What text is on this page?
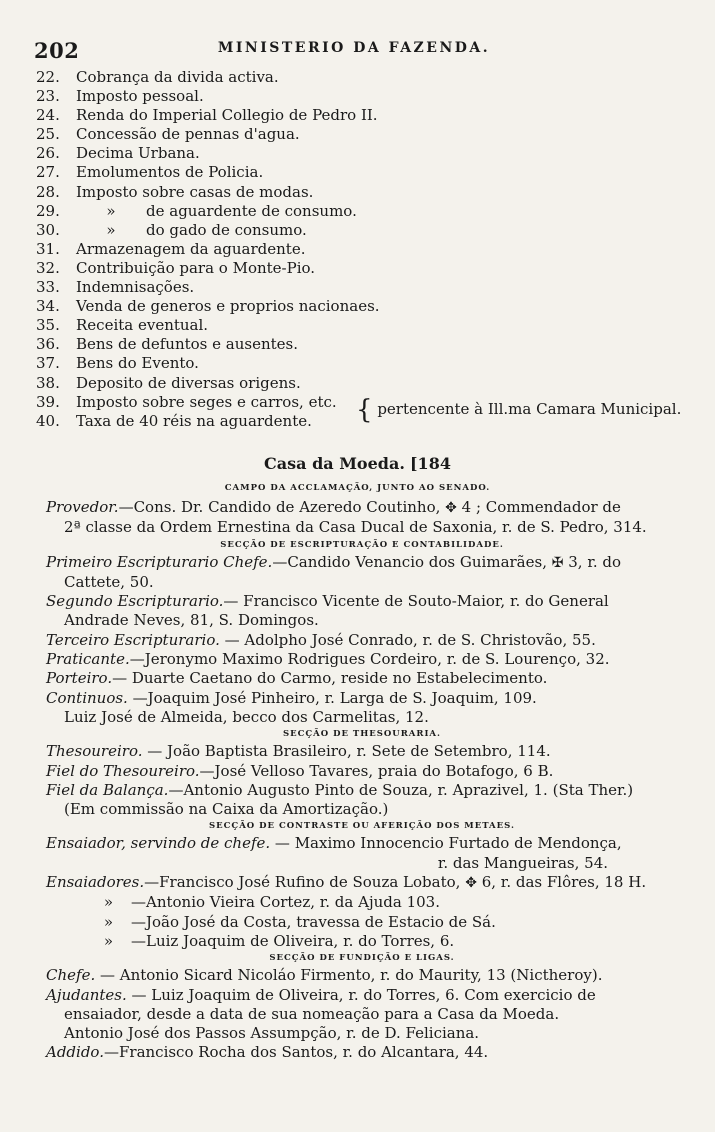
202	MINISTERIO DA FAZENDA.
22. Cobrança da divida activa.
23. Imposto pessoal.
24. Renda do Imperial Collegio de Pedro II.
25. Concessão de pennas d'agua.
26. Decima Urbana.
27. Emolumentos de Policia.
28. Imposto sobre casas de modas.
29.	» de aguardente de consumo.
30.	» do gado de consumo.
31. Armazenagem da aguardente.
32. Contribuição para o Monte-Pio.
33. Indemnisações.
34. Venda de generos e proprios nacionaes.
35. Receita eventual.
36. Bens de defuntos e ausentes.
37. Bens do Evento.
38. Deposito de diversas origens.
39. Imposto sobre seges e carros, etc.
40. Taxa de 40 réis na aguardente.	{ pertencente à Ill.ma Camara Municipal.
Casa da Moeda. [184
CAMPO DA ACCLAMAÇÃO, JUNTO AO SENADO.
Provedor.—Cons. Dr. Candido de Azeredo Coutinho, ✥ 4 ; Commendador de
2ª classe da Ordem Ernestina da Casa Ducal de Saxonia, r. de S. Pedro, 314.
SECÇÃO DE ESCRIPTURAÇÃO E CONTABILIDADE.
Primeiro Escripturario Chefe.—Candido Venancio dos Guimarães, ✠ 3, r. do
Cattete, 50.
Segundo Escripturario.— Francisco Vicente de Souto-Maior, r. do General
Andrade Neves, 81, S. Domingos.
Terceiro Escripturario. — Adolpho José Conrado, r. de S. Christovão, 55.
Praticante.—Jeronymo Maximo Rodrigues Cordeiro, r. de S. Lourenço, 32.
Porteiro.— Duarte Caetano do Carmo, reside no Estabelecimento.
Continuos. —Joaquim José Pinheiro, r. Larga de S. Joaquim, 109.
Luiz José de Almeida, becco dos Carmelitas, 12.
SECÇÃO DE THESOURARIA.
Thesoureiro. — João Baptista Brasileiro, r. Sete de Setembro, 114.
Fiel do Thesoureiro.—José Velloso Tavares, praia do Botafogo, 6 B.
Fiel da Balança.—Antonio Augusto Pinto de Souza, r. Aprazivel, 1. (Sta Ther.)
(Em commissão na Caixa da Amortização.)
SECÇÃO DE CONTRASTE OU AFERIÇÃO DOS METAES.
Ensaiador, servindo de chefe. — Maximo Innocencio Furtado de Mendonça,
r. das Mangueiras, 54.
Ensaiadores.—Francisco José Rufino de Souza Lobato, ✥ 6, r. das Flôres, 18 H.
» —Antonio Vieira Cortez, r. da Ajuda 103.
» —João José da Costa, travessa de Estacio de Sá.
» —Luiz Joaquim de Oliveira, r. do Torres, 6.
SECÇÃO DE FUNDIÇÃO E LIGAS.
Chefe. — Antonio Sicard Nicoláo Firmento, r. do Maurity, 13 (Nictheroy).
Ajudantes. — Luiz Joaquim de Oliveira, r. do Torres, 6. Com exercicio de
ensaiador, desde a data de sua nomeação para a Casa da Moeda.
Antonio José dos Passos Assumpção, r. de D. Feliciana.
Addido.—Francisco Rocha dos Santos, r. do Alcantara, 44.
